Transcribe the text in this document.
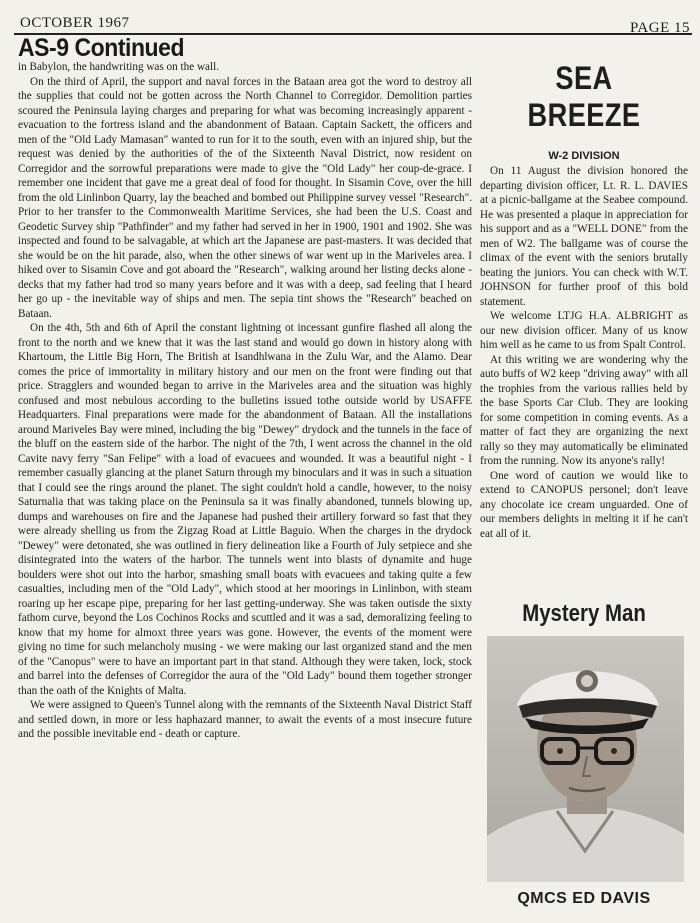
OCTOBER 1967	PAGE 15
AS-9 Continued

in Babylon, the handwriting was on the wall.

On the third of April, the support and naval forces in the Bataan area got the word to destroy all the supplies that could not be gotten across the North Channel to Corregidor. Demolition parties scoured the Peninsula laying charges and preparing for what was becoming increasingly apparent - evacuation to the fortress island and the abandonment of Bataan. Captain Sackett, the officers and men of the "Old Lady Mamasan" wanted to run for it to the south, even with an injured ship, but the request was denied by the authorities of the of the Sixteenth Naval District, now resident on Corregidor and the sorrowful preparations were made to give the "Old Lady" her coup-de-grace. I remember one incident that gave me a great deal of food for thought. In Sisamin Cove, over the hill from the old Linlinbon Quarry, lay the beached and bombed out Philippine survey vessel "Research". Prior to her transfer to the Commonwealth Maritime Services, she had been the U.S. Coast and Geodetic Survey ship "Pathfinder" and my father had served in her in 1900, 1901 and 1902. She was inspected and found to be salvagable, at which art the Japanese are past-masters. It was decided that she would be on the hit parade, also, when the other sinews of war went up in the Mariveles area. I hiked over to Sisamin Cove and got aboard the "Research", walking around her listing decks alone - decks that my father had trod so many years before and it was with a deep, sad feeling that I heard her go up - the inevitable way of ships and men. The sepia tint shows the "Research" beached on Bataan.

On the 4th, 5th and 6th of April the constant lightning ot incessant gunfire flashed all along the front to the north and we knew that it was the last stand and would go down in history along with Khartoum, the Little Big Horn, The British at Isandhlwana in the Zulu War, and the Alamo. Dear comes the price of immortality in military history and our men on the front were finding out that price. Stragglers and wounded began to arrive in the Mariveles area and the situation was highly confused and most nebulous according to the bulletins issued tothe outside world by USAFFE Headquarters. Final preparations were made for the abandonment of Bataan. All the installations around Mariveles Bay were mined, including the big "Dewey" drydock and the tunnels in the face of the bluff on the eastern side of the harbor. The night of the 7th, I went across the channel in the old Cavite navy ferry "San Felipe" with a load of evacuees and wounded. It was a beautiful night - I remember casually glancing at the planet Saturn through my binoculars and it was in such a situation that I could see the rings around the planet. The sight couldn't hold a candle, however, to the noisy Saturnalia that was taking place on the Peninsula sa it was finally abandoned, tunnels blowing up, dumps and warehouses on fire and the Japanese had pushed their artillery forward so fast that they were already shelling us from the Zigzag Road at Little Baguio. When the charges in the drydock "Dewey" were detonated, she was outlined in fiery delineation like a Fourth of July setpiece and she disintegrated into the waters of the harbor. The tunnels went into blasts of dynamite and huge boulders were shot out into the harbor, smashing small boats with evacuees and taking quite a few casualties, including men of the "Old Lady", which stood at her moorings in Linlinbon, with steam roaring up her escape pipe, preparing for her last getting-underway. She was taken outisde the sixty fathom curve, beyond the Los Cochinos Rocks and scuttled and it was a sad, demoralizing feeling to know that my home for almoxt three years was gone. However, the events of the moment were giving no time for such melancholy musing - we were making our last organized stand and the men of the "Canopus" were to have an important part in that stand. Although they were taken, lock, stock and barrel into the defenses of Corregidor the aura of the "Old Lady" bound them together stronger than the oath of the Knights of Malta.

We were assigned to Queen's Tunnel along with the remnants of the Sixteenth Naval District Staff and settled down, in more or less haphazard manner, to await the events of a most insecure future and the possible inevitable end - death or capture.

SEA BREEZE
W-2 DIVISION

On 11 August the division honored the departing division officer, Lt. R. L. DAVIES at a picnic-ballgame at the Seabee compound. He was presented a plaque in appreciation for his support and as a "WELL DONE" from the men of W2. The ballgame was of course the climax of the event with the seniors brutally beating the juniors. You can check with W.T. JOHNSON for further proof of this bold statement.

We welcome LTJG H.A. ALBRIGHT as our new division officer. Many of us know him well as he came to us from Spalt Control.

At this writing we are wondering why the auto buffs of W2 keep "driving away" with all the trophies from the various rallies held by the base Sports Car Club. They are looking for some competition in coming events. As a matter of fact they are organizing the next rally so they may automatically be eliminated from the running. Now its anyone's rally!

One word of caution we would like to extend to CANOPUS personel; don't leave any chocolate ice cream unguarded. One of our members delights in melting it if he can't eat all of it.

Mystery Man
QMCS ED DAVIS
